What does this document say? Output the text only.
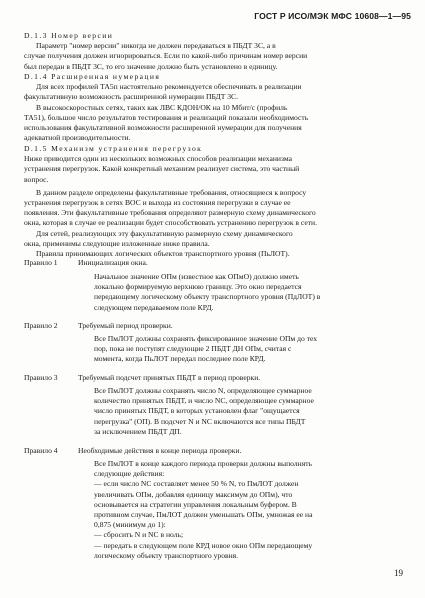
ГОСТ Р ИСО/МЭК МФС 10608—1—95
D.1.3 Номер версии
Параметр "номер версии" никогда не должен передаваться в ПБДТ 3С, а в
случае получения должен игнорироваться. Если по какой-либо причинам номер версии
был передан в ПБДТ 3С, то его значение должно быть установлено в единицу.
D.1.4 Расширенная нумерация
Для всех профилей ТА5п настоятельно рекомендуется обеспечивать в реализации
факультативную возможность расширенной нумерации ПБДТ 3С.
В высокоскоростных сетях, таких как ЛВС КДОН/ОК на 10 Мбит/с (профиль
ТА51), большое число результатов тестирования и реализаций показали необходимость
использования факультативной возможности расширенной нумерации для получения
адекватной производительности.
D.1.5 Механизм устранения перегрузок
Ниже приводится один из нескольких возможных способов реализации механизма
устранения перегрузок. Какой конкретный механизм реализует система, это частный
вопрос.
В данном разделе определены факультативные требования, относящиеся к вопросу
устранения перегрузок в сетях ВОС и выхода из состояния перегрузки в случае ее
появления. Эти факультативные требования определяют размерную схему динамического
окна, которая в случае ее реализации будет способствовать устранению перегрузок в сети.
Для сетей, реализующих эту факультативную размерную схему динамического
окна, применимы следующие изложенные ниже правила.
Правила принимающих логических объектов транспортного уровня (ПьЛОТ).
Правило 1	Инициализация окна.
Начальное значение ОПм (известное как ОПмО) должно иметь
локально формируемую верхнюю границу. Это окно передается
передающему логическому объекту транспортного уровня (ПдЛОТ) в
следующем передаваемом поле КРД.
Правило 2	Требуемый период проверки.
Все ПмЛОТ должны сохранять фиксированное значение ОПм до тех
пор, пока не поступят следующие 2 ПБДТ ДН ОПм, считая с
момента, когда ПьЛОТ передал последнее поле КРД.
Правило 3	Требуемый подсчет принятых ПБДТ в период проверки.
Все ПмЛОТ должны сохранять число N, определяющее суммарное
количество принятых ПБДТ, и число NC, определяющее суммарное
число принятых ПБДТ, в которых установлен флаг "ощущается
перегрузка" (ОП). В подсчет N и NC включаются все типы ПБДТ
за исключением ПБДТ ДП.
Правило 4	Необходимые действия в конце периода проверки.
Все ПмЛОТ в конце каждого периода проверки должны выполнять
следующие действия:
— если число NC составляет менее 50 % N, то ПмЛОТ должен
увеличивать ОПм, добавляя единицу максимум до ОПм), что
основывается на стратегии управления локальным буфером. В
противном случае, ПмЛОТ должен уменьшать ОПм, умножая ее на
0,875 (минимум до 1):
— сбросить N и NC в ноль;
— передать в следующем поле КРД новое окно ОПм передающему
логическому объекту транспортного уровня.
19
